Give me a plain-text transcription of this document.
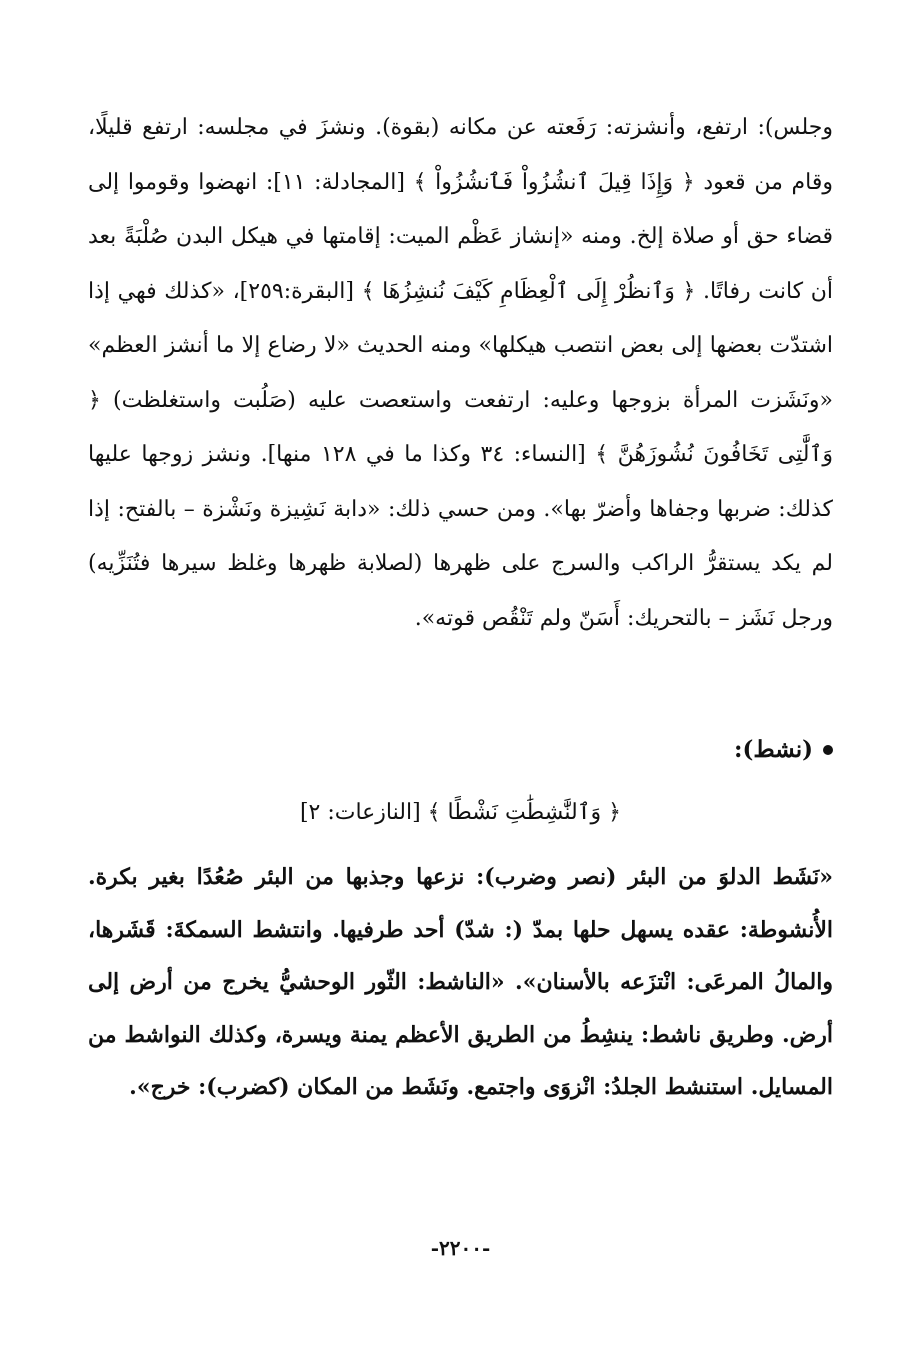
وجلس): ارتفع، وأنشزته: رَفَعته عن مكانه (بقوة). ونشزَ في مجلسه: ارتفع قليلًا، وقام من قعود ﴿ وَإِذَا قِيلَ ٱنشُزُواْ فَٱنشُزُواْ ﴾ [المجادلة: ١١]: انهضوا وقوموا إلى قضاء حق أو صلاة إلخ. ومنه «إنشاز عَظْم الميت: إقامتها في هيكل البدن صُلْبَةً بعد أن كانت رفاتًا. ﴿ وَٱنظُرْ إِلَى ٱلْعِظَامِ كَيْفَ نُنشِزُهَا ﴾ [البقرة:٢٥٩]، «كذلك فهي إذا اشتدّت بعضها إلى بعض انتصب هيكلها» ومنه الحديث «لا رضاع إلا ما أنشز العظم» «ونَشَزت المرأة بزوجها وعليه: ارتفعت واستعصت عليه (صَلُبت واستغلظت) ﴿ وَٱلَّٰتِى تَخَافُونَ نُشُوزَهُنَّ ﴾ [النساء: ٣٤ وكذا ما في ١٢٨ منها]. ونشز زوجها عليها كذلك: ضربها وجفاها وأضرّ بها». ومن حسي ذلك: «دابة نَشِيزة ونَشْزة – بالفتح: إذا لم يكد يستقرُّ الراكب والسرج على ظهرها (لصلابة ظهرها وغلظ سيرها فتُنَزِّيه) ورجل نَشَز – بالتحريك: أَسَنّ ولم تَنْقُص قوته».

(نشط):
﴿ وَٱلنَّٰشِطَٰتِ نَشْطًا ﴾ [النازعات: ٢]

«نَشَط الدلوَ من البئر (نصر وضرب): نزعها وجذبها من البئر صُعُدًا بغير بكرة. الأُنشوطة: عقده يسهل حلها بمدّ (: شدّ) أحد طرفيها. وانتشط السمكةَ: قَشَرها، والمالُ المرعَى: انْتزَعه بالأسنان». «الناشط: الثّور الوحشيُّ يخرج من أرض إلى أرض. وطريق ناشط: ينشِطُ من الطريق الأعظم يمنة ويسرة، وكذلك النواشط من المسايل. استنشط الجلدُ: انْزوَى واجتمع. ونَشَط من المكان (كضرب): خرج».

-٢٢٠٠-
